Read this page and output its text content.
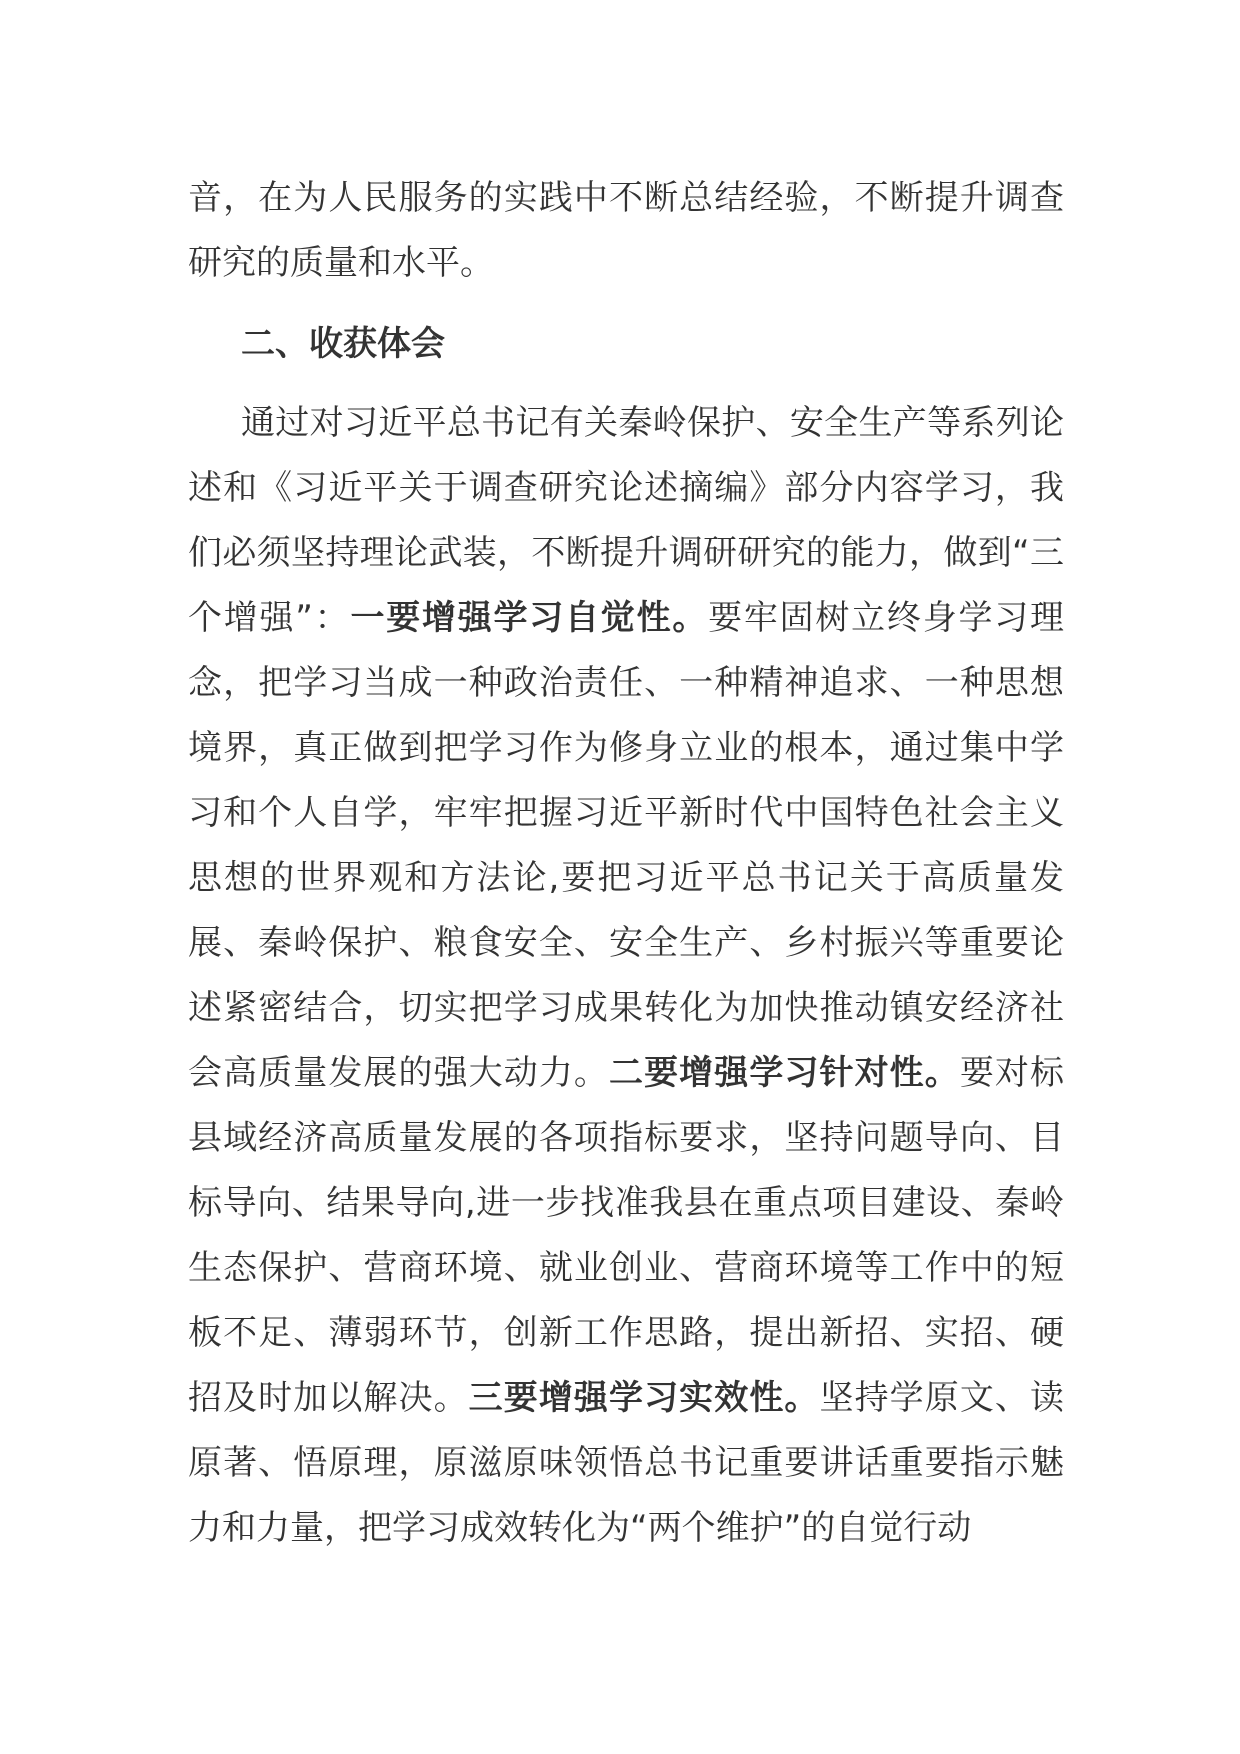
音，在为人民服务的实践中不断总结经验，不断提升调查研究的质量和水平。

二、收获体会

通过对习近平总书记有关秦岭保护、安全生产等系列论述和《习近平关于调查研究论述摘编》部分内容学习，我们必须坚持理论武装，不断提升调研研究的能力，做到“三个增强”：一要增强学习自觉性。要牢固树立终身学习理念，把学习当成一种政治责任、一种精神追求、一种思想境界，真正做到把学习作为修身立业的根本，通过集中学习和个人自学，牢牢把握习近平新时代中国特色社会主义思想的世界观和方法论,要把习近平总书记关于高质量发展、秦岭保护、粮食安全、安全生产、乡村振兴等重要论述紧密结合，切实把学习成果转化为加快推动镇安经济社会高质量发展的强大动力。二要增强学习针对性。要对标县域经济高质量发展的各项指标要求，坚持问题导向、目标导向、结果导向,进一步找准我县在重点项目建设、秦岭生态保护、营商环境、就业创业、营商环境等工作中的短板不足、薄弱环节，创新工作思路，提出新招、实招、硬招及时加以解决。三要增强学习实效性。坚持学原文、读原著、悟原理，原滋原味领悟总书记重要讲话重要指示魅力和力量，把学习成效转化为“两个维护”的自觉行动
